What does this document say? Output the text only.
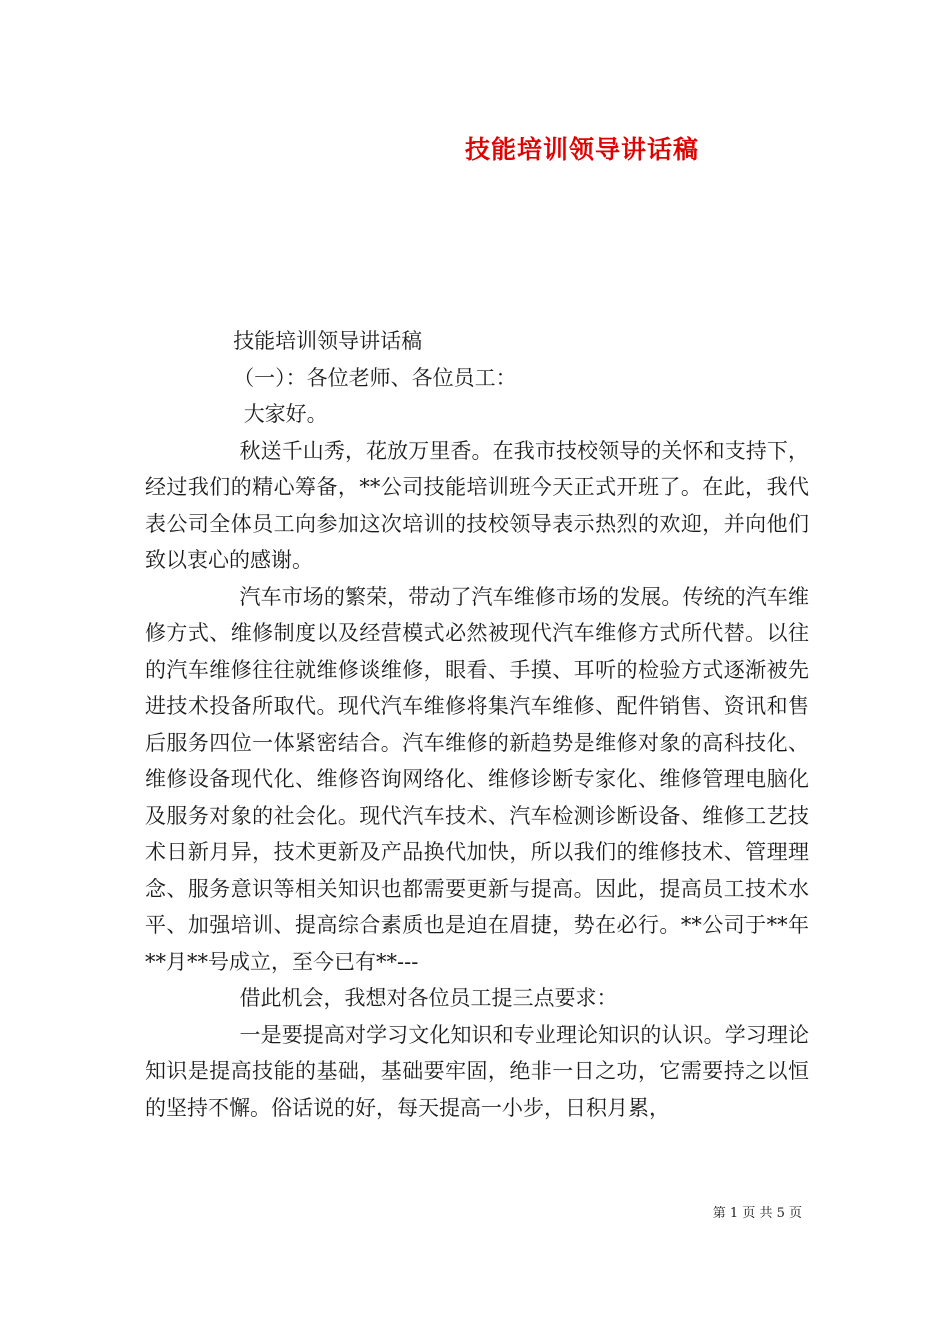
技能培训领导讲话稿

技能培训领导讲话稿

（一）：各位老师、各位员工：

大家好。

秋送千山秀，花放万里香。在我市技校领导的关怀和支持下，经过我们的精心筹备，**公司技能培训班今天正式开班了。在此，我代表公司全体员工向参加这次培训的技校领导表示热烈的欢迎，并向他们致以衷心的感谢。

汽车市场的繁荣，带动了汽车维修市场的发展。传统的汽车维修方式、维修制度以及经营模式必然被现代汽车维修方式所代替。以往的汽车维修往往就维修谈维修，眼看、手摸、耳听的检验方式逐渐被先进技术投备所取代。现代汽车维修将集汽车维修、配件销售、资讯和售后服务四位一体紧密结合。汽车维修的新趋势是维修对象的高科技化、维修设备现代化、维修咨询网络化、维修诊断专家化、维修管理电脑化及服务对象的社会化。现代汽车技术、汽车检测诊断设备、维修工艺技术日新月异，技术更新及产品换代加快，所以我们的维修技术、管理理念、服务意识等相关知识也都需要更新与提高。因此，提高员工技术水平、加强培训、提高综合素质也是迫在眉捷，势在必行。**公司于**年**月**号成立，至今已有**---

借此机会，我想对各位员工提三点要求：

一是要提高对学习文化知识和专业理论知识的认识。学习理论知识是提高技能的基础，基础要牢固，绝非一日之功，它需要持之以恒的坚持不懈。俗话说的好，每天提高一小步，日积月累，

第 1 页 共 5 页
